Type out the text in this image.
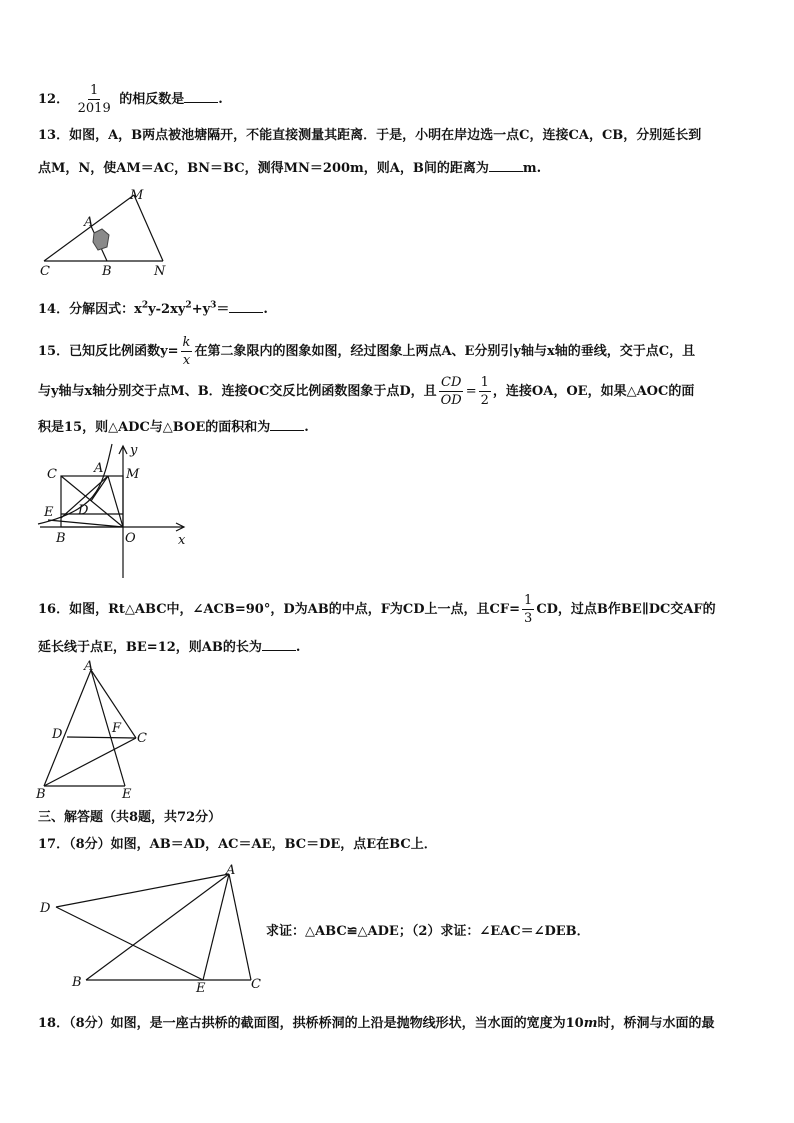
12． $\frac{1}{2019}$ 的相反数是	.
13．如图，A，B两点被池塘隔开，不能直接测量其距离．于是，小明在岸边选一点C，连接CA，CB，分别延长到
点M，N，使AM＝AC，BN＝BC，测得MN＝200m，则A，B间的距离为	m.
M
A
C	B	N
14．分解因式：$x^2y-2xy^2+y^3=$	.
15．已知反比例函数$y= \frac{k}{x}$ 在第二象限内的图象如图，经过图象上两点A、E分别引y轴与x轴的垂线，交于点C，且
与y轴与x轴分别交于点M、B．连接OC交反比例函数图象于点D，且 $\frac{CD}{OD} = \frac{1}{2}$ ，连接OA，OE，如果△AOC的面
积是15，则△ADC与△BOE的面积和为	.
y
C	A M
E D
B	O	x
16．如图，Rt△ABC中，∠ACB=90°，D为AB的中点，F为CD上一点，且$CF= \frac{1}{3}$ CD，过点B作BE∥DC交AF的
延长线于点E，BE=12，则AB的长为	.
A
D	F
C
B	E
三、解答题（共8题，共72分）
17．（8分）如图，AB＝AD，AC＝AE，BC＝DE，点E在BC上．
A
D
B	E	C
求证：△ABC≌△ADE；（2）求证：∠EAC＝∠DEB．
18．（8分）如图，是一座古拱桥的截面图，拱桥桥洞的上沿是抛物线形状，当水面的宽度为10m时，桥洞与水面的最
